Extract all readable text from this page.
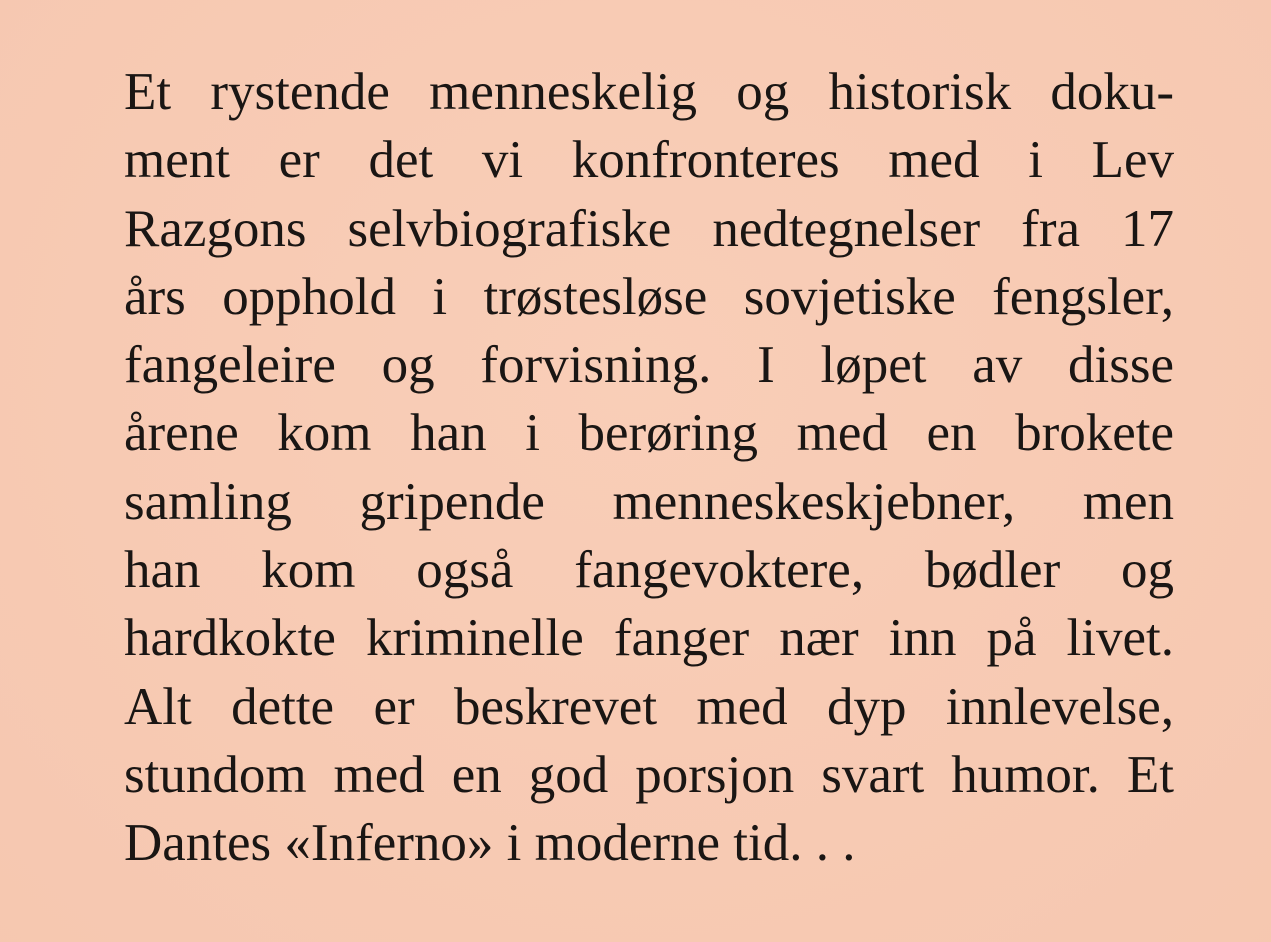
Et rystende menneskelig og historisk doku-
ment er det vi konfronteres med i Lev
Razgons selvbiografiske nedtegnelser fra 17
års opphold i trøstesløse sovjetiske fengsler,
fangeleire og forvisning. I løpet av disse
årene kom han i berøring med en brokete
samling gripende menneskeskjebner, men
han kom også fangevoktere, bødler og
hardkokte kriminelle fanger nær inn på livet.
Alt dette er beskrevet med dyp innlevelse,
stundom med en god porsjon svart humor. Et
Dantes «Inferno» i moderne tid. . .
